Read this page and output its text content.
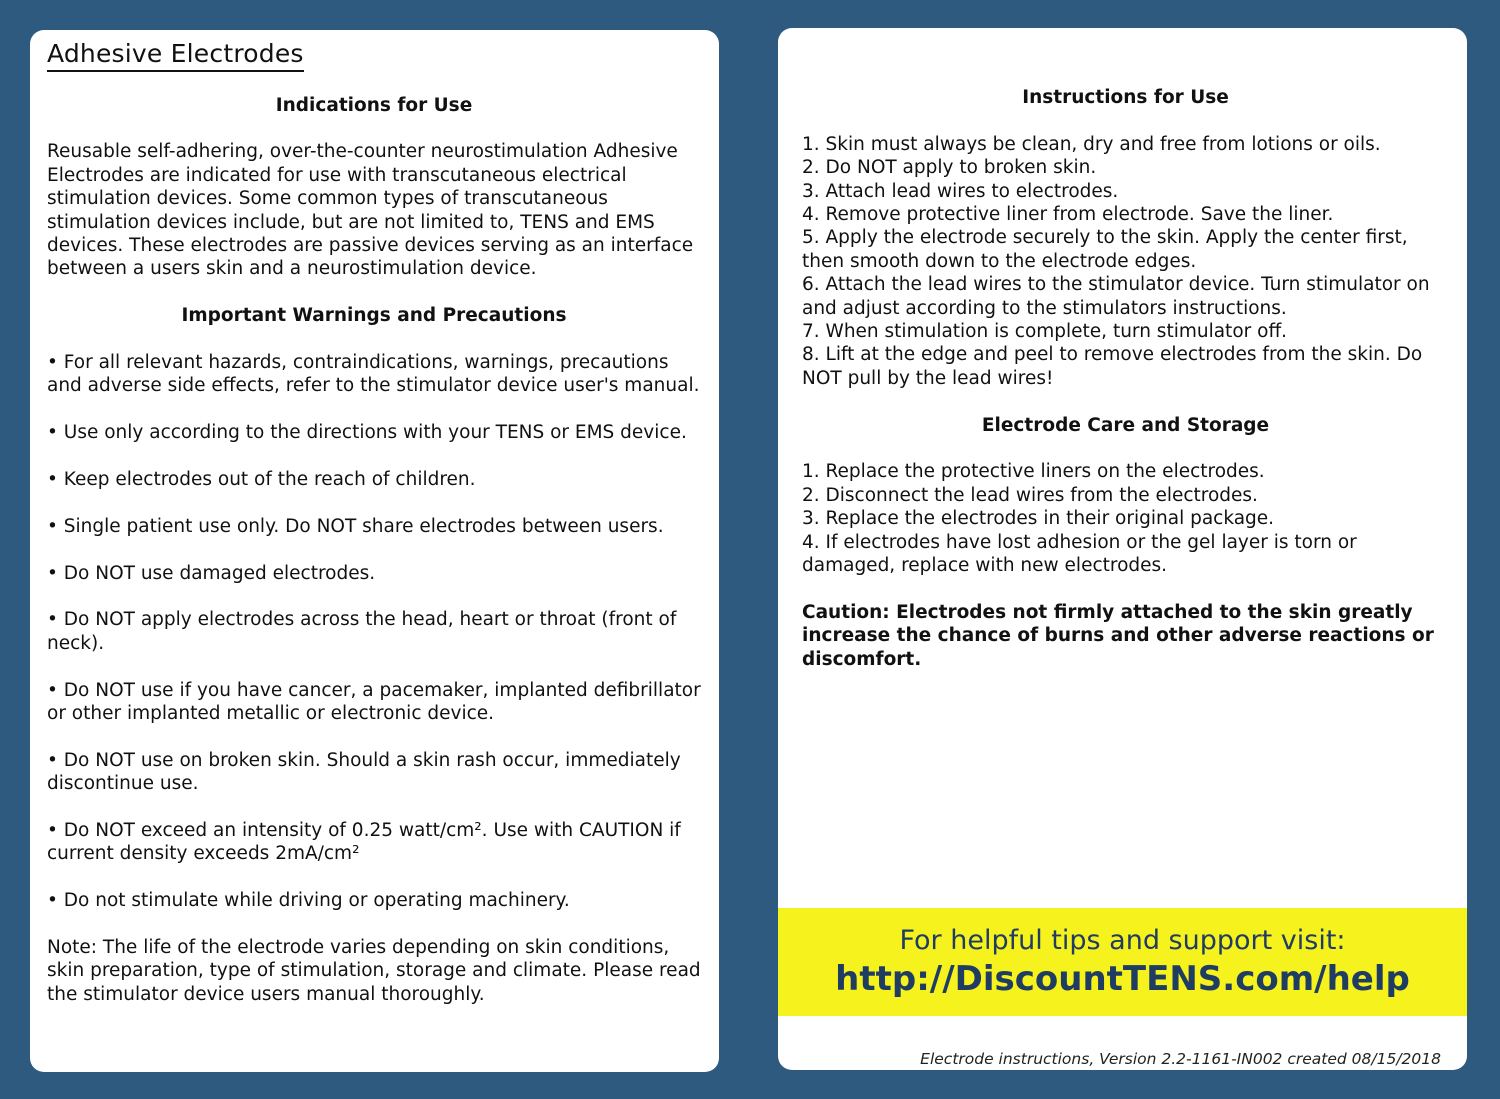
Adhesive Electrodes
Indications for Use

Reusable self-adhering, over-the-counter neurostimulation Adhesive Electrodes are indicated for use with transcutaneous electrical stimulation devices. Some common types of transcutaneous stimulation devices include, but are not limited to, TENS and EMS devices. These electrodes are passive devices serving as an interface between a users skin and a neurostimulation device.

Important Warnings and Precautions

• For all relevant hazards, contraindications, warnings, precautions and adverse side effects, refer to the stimulator device user's manual.

• Use only according to the directions with your TENS or EMS device.

• Keep electrodes out of the reach of children.

• Single patient use only. Do NOT share electrodes between users.

• Do NOT use damaged electrodes.

• Do NOT apply electrodes across the head, heart or throat (front of neck).

• Do NOT use if you have cancer, a pacemaker, implanted defibrillator or other implanted metallic or electronic device.

• Do NOT use on broken skin. Should a skin rash occur, immediately discontinue use.

• Do NOT exceed an intensity of 0.25 watt/cm². Use with CAUTION if current density exceeds 2mA/cm²

• Do not stimulate while driving or operating machinery.

Note: The life of the electrode varies depending on skin conditions, skin preparation, type of stimulation, storage and climate. Please read the stimulator device users manual thoroughly.

Instructions for Use
1. Skin must always be clean, dry and free from lotions or oils.
2. Do NOT apply to broken skin.
3. Attach lead wires to electrodes.
4. Remove protective liner from electrode. Save the liner.
5. Apply the electrode securely to the skin. Apply the center first, then smooth down to the electrode edges.
6. Attach the lead wires to the stimulator device. Turn stimulator on and adjust according to the stimulators instructions.
7. When stimulation is complete, turn stimulator off.
8. Lift at the edge and peel to remove electrodes from the skin. Do NOT pull by the lead wires!
Electrode Care and Storage
1. Replace the protective liners on the electrodes.
2. Disconnect the lead wires from the electrodes.
3. Replace the electrodes in their original package.
4. If electrodes have lost adhesion or the gel layer is torn or damaged, replace with new electrodes.

Caution: Electrodes not firmly attached to the skin greatly increase the chance of burns and other adverse reactions or discomfort.

For helpful tips and support visit:
http://DiscountTENS.com/help
Electrode instructions, Version 2.2-1161-IN002 created 08/15/2018
